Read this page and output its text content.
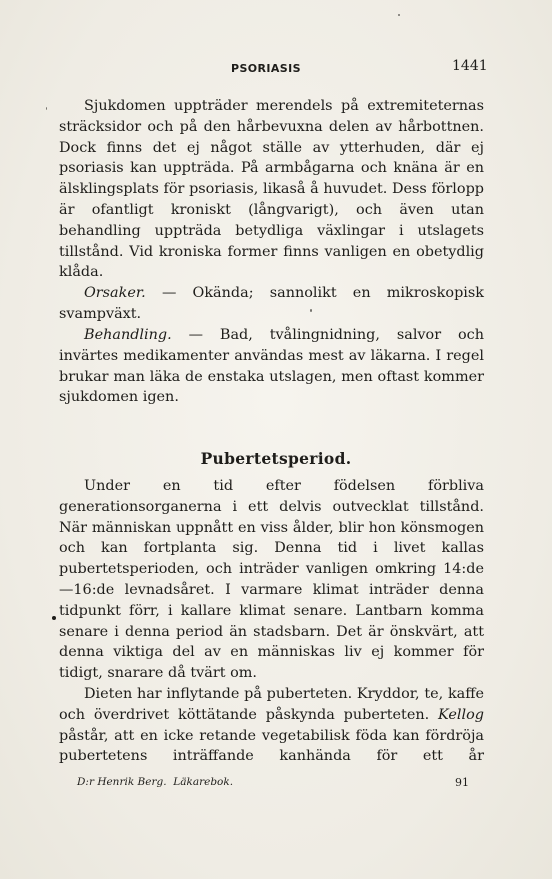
PSORIASIS	1441
Sjukdomen uppträder merendels på extremiteternas sträcksidor och på den hårbevuxna delen av hårbottnen. Dock finns det ej något ställe av ytterhuden, där ej psoriasis kan uppträda. På armbågarna och knäna är en älsklingsplats för psoriasis, likaså å huvudet. Dess förlopp är ofantligt kroniskt (långvarigt), och även utan behandling uppträda betydliga växlingar i utslagets tillstånd. Vid kroniska former finns vanligen en obetydlig klåda.
Orsaker. — Okända; sannolikt en mikroskopisk svampväxt.
Behandling. — Bad, tvålingnidning, salvor och invärtes medikamenter användas mest av läkarna. I regel brukar man läka de enstaka utslagen, men oftast kommer sjukdomen igen.
Pubertetsperiod.
Under en tid efter födelsen förbliva generationsorganerna i ett delvis outvecklat tillstånd. När människan uppnått en viss ålder, blir hon könsmogen och kan fortplanta sig. Denna tid i livet kallas pubertetsperioden, och inträder vanligen omkring 14:de—16:de levnadsåret. I varmare klimat inträder denna tidpunkt förr, i kallare klimat senare. Lantbarn komma senare i denna period än stadsbarn. Det är önskvärt, att denna viktiga del av en människas liv ej kommer för tidigt, snarare då tvärt om.
Dieten har inflytande på puberteten. Kryddor, te, kaffe och överdrivet köttätande påskynda puberteten. Kellog påstår, att en icke retande vegetabilisk föda kan fördröja pubertetens inträffande kanhända för ett år
D:r Henrik Berg. Läkarebok.	91
